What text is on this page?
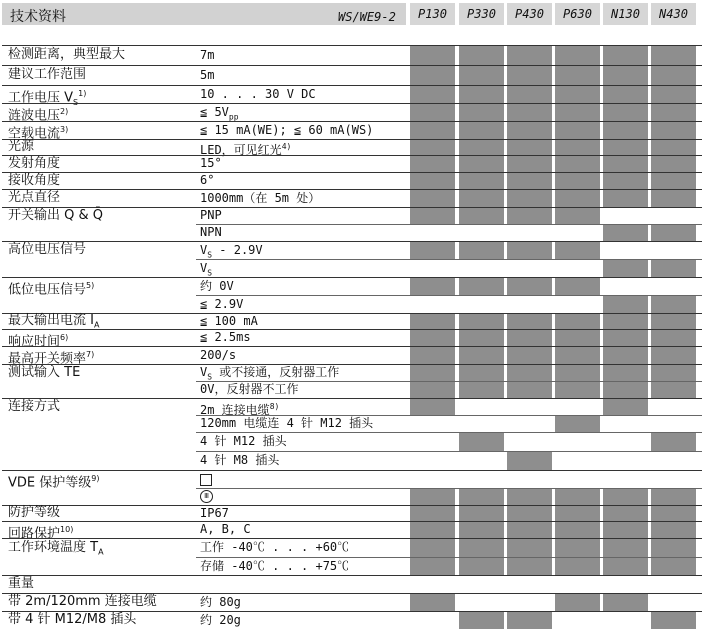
技术资料	WS/WE9-2	P130	P330	P430	P630	N130	N430
检测距离，典型最大	7m
建议工作范围	5m
工作电压 $V_S^{1)}$	10 . . . 30 V DC
涟波电压$^{2)}$	≦ $5V_{pp}$
空载电流$^{3)}$	≦ 15 mA(WE); ≦ 60 mA(WS)
光源	LED，可见红光$^{4)}$
发射角度	15°
接收角度	6°
光点直径	1000mm（在 5m 处）
开关输出 Q & Q̄	PNP
NPN
高位电压信号	$V_S - 2.9V$
$V_S$
低位电压信号$^{5)}$	约 0V
≦ 2.9V
最大输出电流 $I_A$	≦ 100 mA
响应时间$^{6)}$	≦ 2.5ms
最高开关频率$^{7)}$	200/s
测试输入 TE	$V_S$ 或不接通，反射器工作
0V，反射器不工作
连接方式	2m 连接电缆$^{8)}$
120mm 电缆连 4 针 M12 插头
4 针 M12 插头
4 针 M8 插头
VDE 保护等级$^{9)}$
Ⅲ
防护等级	IP67
回路保护$^{10)}$	A, B, C
工作环境温度 $T_A$	工作 -40℃ . . . +60℃
存储 -40℃ . . . +75℃
重量
带 2m/120mm 连接电缆	约 80g
带 4 针 M12/M8 插头	约 20g
